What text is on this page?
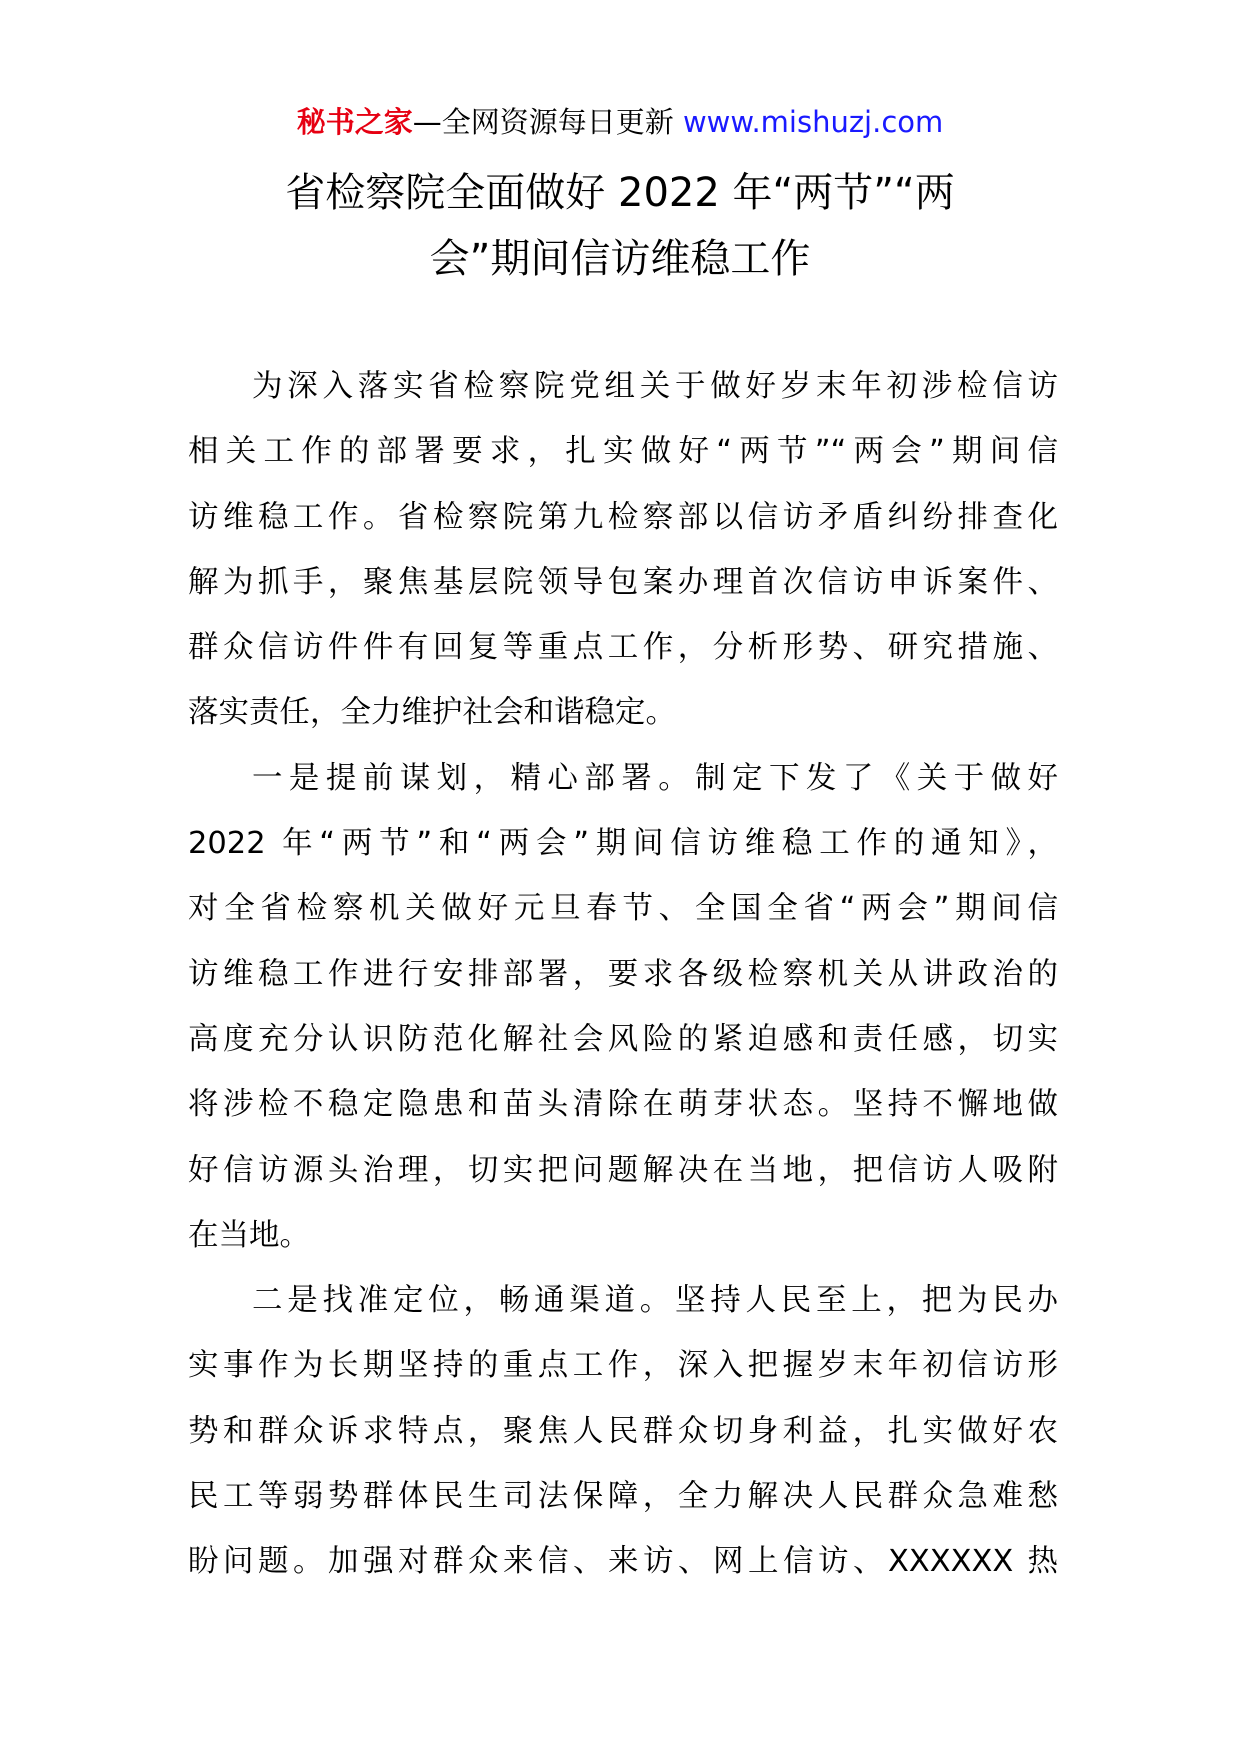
秘书之家—全网资源每日更新 www.mishuzj.com
省检察院全面做好 2022 年“两节”“两
会”期间信访维稳工作
为深入落实省检察院党组关于做好岁末年初涉检信访
相关工作的部署要求，扎实做好“两节”“两会”期间信
访维稳工作。省检察院第九检察部以信访矛盾纠纷排查化
解为抓手，聚焦基层院领导包案办理首次信访申诉案件、
群众信访件件有回复等重点工作，分析形势、研究措施、
落实责任，全力维护社会和谐稳定。
一是提前谋划，精心部署。制定下发了《关于做好
2022 年“两节”和“两会”期间信访维稳工作的通知》，
对全省检察机关做好元旦春节、全国全省“两会”期间信
访维稳工作进行安排部署，要求各级检察机关从讲政治的
高度充分认识防范化解社会风险的紧迫感和责任感，切实
将涉检不稳定隐患和苗头清除在萌芽状态。坚持不懈地做
好信访源头治理，切实把问题解决在当地，把信访人吸附
在当地。
二是找准定位，畅通渠道。坚持人民至上，把为民办
实事作为长期坚持的重点工作，深入把握岁末年初信访形
势和群众诉求特点，聚焦人民群众切身利益，扎实做好农
民工等弱势群体民生司法保障，全力解决人民群众急难愁
盼问题。加强对群众来信、来访、网上信访、XXXXXX 热
